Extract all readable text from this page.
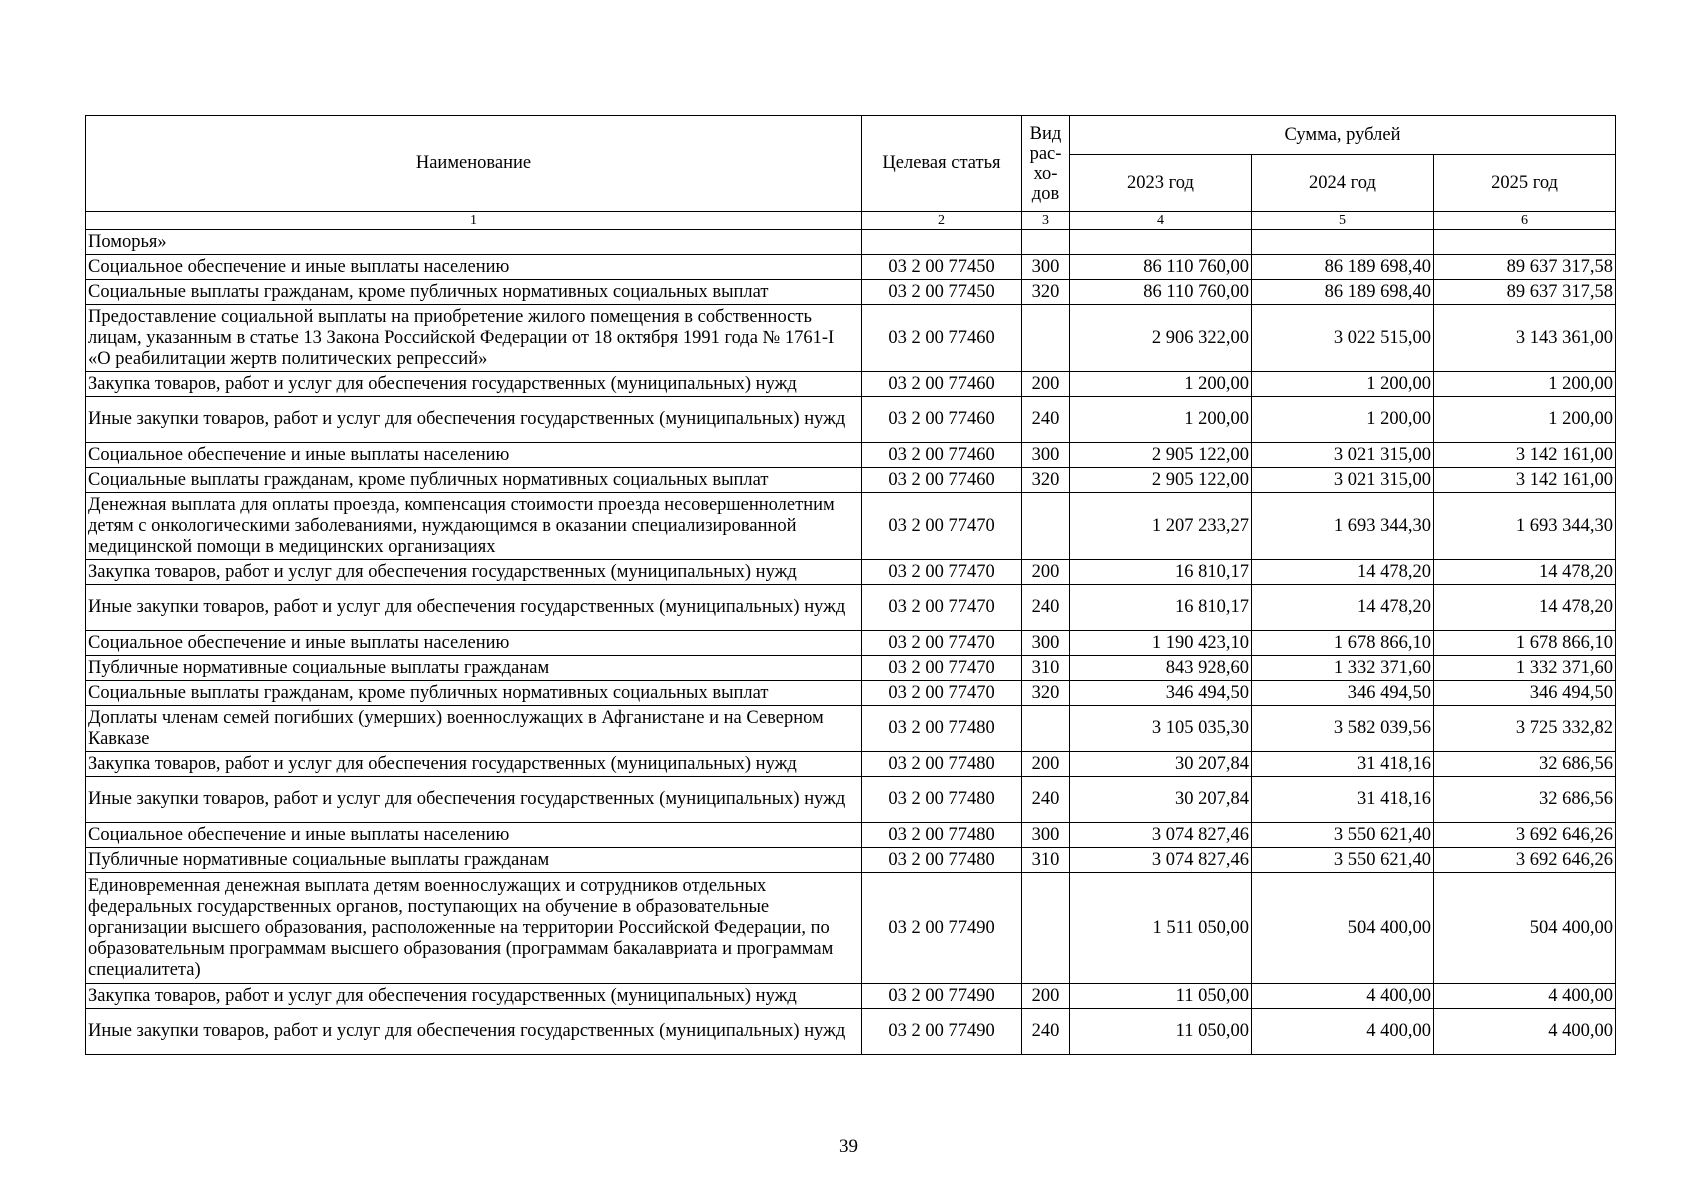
Наименование	Целевая статья	Вид
рас-
хо-
дов	Сумма, рублей		
			2023 год	2024 год	2025 год
1	2	3	4	5	6
Поморья»					
Социальное обеспечение и иные выплаты населению	03 2 00 77450	300	86 110 760,00	86 189 698,40	89 637 317,58
Социальные выплаты гражданам, кроме публичных нормативных социальных выплат	03 2 00 77450	320	86 110 760,00	86 189 698,40	89 637 317,58
Предоставление социальной выплаты на приобретение жилого помещения в собственность лицам, указанным в статье 13 Закона Российской Федерации от 18 октября 1991 года № 1761-I «О реабилитации жертв политических репрессий»	03 2 00 77460		2 906 322,00	3 022 515,00	3 143 361,00
Закупка товаров, работ и услуг для обеспечения государственных (муниципальных) нужд	03 2 00 77460	200	1 200,00	1 200,00	1 200,00
Иные закупки товаров, работ и услуг для обеспечения государственных (муниципальных) нужд	03 2 00 77460	240	1 200,00	1 200,00	1 200,00
Социальное обеспечение и иные выплаты населению	03 2 00 77460	300	2 905 122,00	3 021 315,00	3 142 161,00
Социальные выплаты гражданам, кроме публичных нормативных социальных выплат	03 2 00 77460	320	2 905 122,00	3 021 315,00	3 142 161,00
Денежная выплата для оплаты проезда, компенсация стоимости проезда несовершеннолетним детям с онкологическими заболеваниями, нуждающимся в оказании специализированной медицинской помощи в медицинских организациях	03 2 00 77470		1 207 233,27	1 693 344,30	1 693 344,30
Закупка товаров, работ и услуг для обеспечения государственных (муниципальных) нужд	03 2 00 77470	200	16 810,17	14 478,20	14 478,20
Иные закупки товаров, работ и услуг для обеспечения государственных (муниципальных) нужд	03 2 00 77470	240	16 810,17	14 478,20	14 478,20
Социальное обеспечение и иные выплаты населению	03 2 00 77470	300	1 190 423,10	1 678 866,10	1 678 866,10
Публичные нормативные социальные выплаты гражданам	03 2 00 77470	310	843 928,60	1 332 371,60	1 332 371,60
Социальные выплаты гражданам, кроме публичных нормативных социальных выплат	03 2 00 77470	320	346 494,50	346 494,50	346 494,50
Доплаты членам семей погибших (умерших) военнослужащих в Афганистане и на Северном Кавказе	03 2 00 77480		3 105 035,30	3 582 039,56	3 725 332,82
Закупка товаров, работ и услуг для обеспечения государственных (муниципальных) нужд	03 2 00 77480	200	30 207,84	31 418,16	32 686,56
Иные закупки товаров, работ и услуг для обеспечения государственных (муниципальных) нужд	03 2 00 77480	240	30 207,84	31 418,16	32 686,56
Социальное обеспечение и иные выплаты населению	03 2 00 77480	300	3 074 827,46	3 550 621,40	3 692 646,26
Публичные нормативные социальные выплаты гражданам	03 2 00 77480	310	3 074 827,46	3 550 621,40	3 692 646,26
Единовременная денежная выплата детям военнослужащих и сотрудников отдельных федеральных государственных органов, поступающих на обучение в образовательные организации высшего образования, расположенные на территории Российской Федерации, по образовательным программам высшего образования (программам бакалавриата и программам специалитета)	03 2 00 77490		1 511 050,00	504 400,00	504 400,00
Закупка товаров, работ и услуг для обеспечения государственных (муниципальных) нужд	03 2 00 77490	200	11 050,00	4 400,00	4 400,00
Иные закупки товаров, работ и услуг для обеспечения государственных (муниципальных) нужд	03 2 00 77490	240	11 050,00	4 400,00	4 400,00
39
